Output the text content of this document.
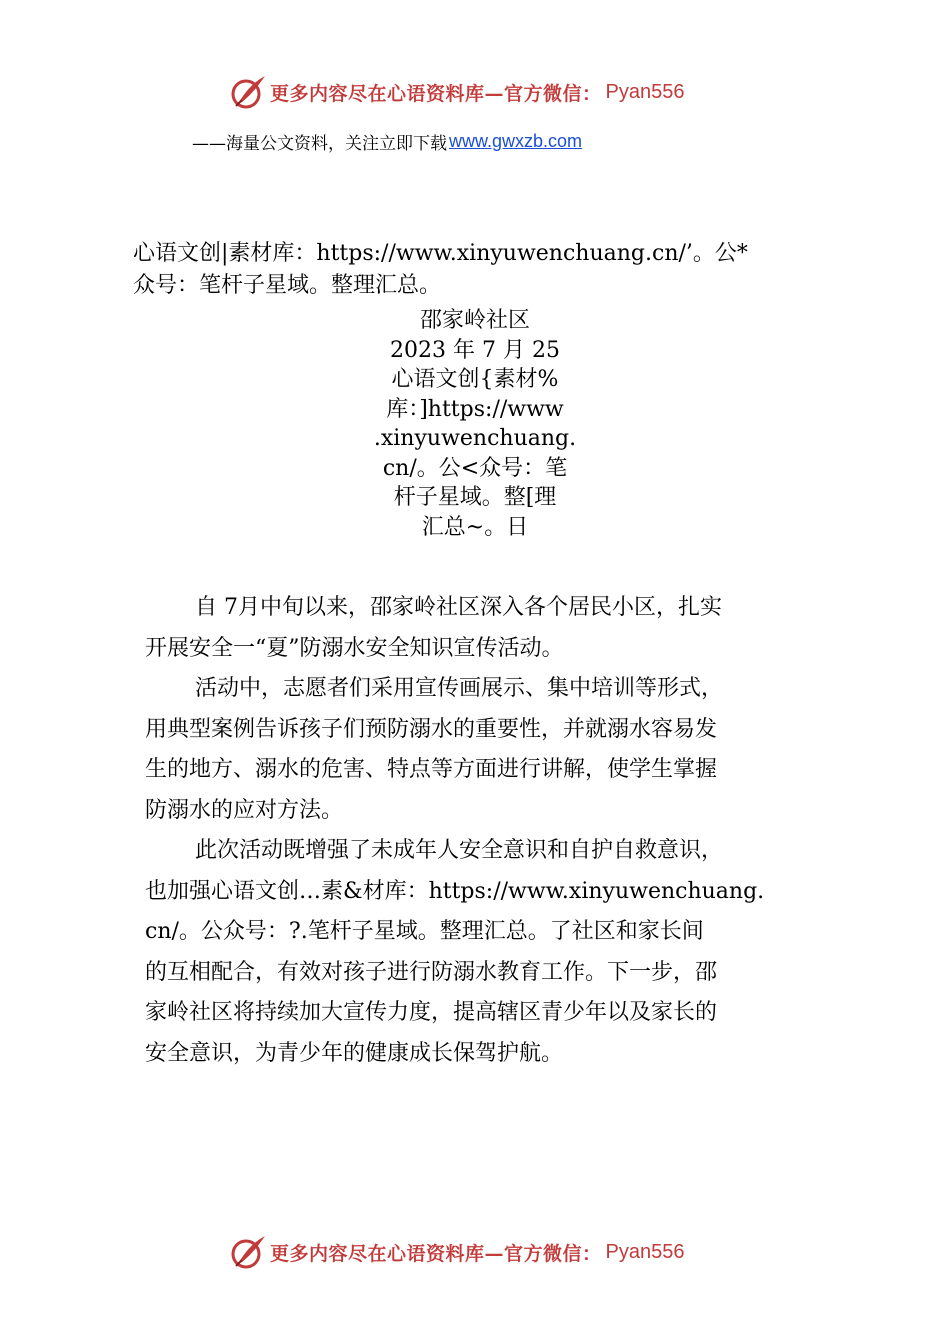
更多内容尽在心语资料库—官方微信： Pyan556
——海量公文资料，关注立即下载 www.gwxzb.com
心语文创|素材库：https://www.xinyuwenchuang.cn/’。公*
众号：笔杆子星域。整理汇总。
邵家岭社区
2023 年 7 月 25
心语文创{素材%
库：]https://www
.xinyuwenchuang.
cn/。公<众号：笔
杆子星域。整[理
汇总~。日

自 7月中旬以来，邵家岭社区深入各个居民小区，扎实

开展安全一“夏”防溺水安全知识宣传活动。

活动中，志愿者们采用宣传画展示、集中培训等形式，

用典型案例告诉孩子们预防溺水的重要性，并就溺水容易发

生的地方、溺水的危害、特点等方面进行讲解，使学生掌握

防溺水的应对方法。

此次活动既增强了未成年人安全意识和自护自救意识，

也加强心语文创…素&材库：https://www.xinyuwenchuang.

cn/。公众号：?.笔杆子星域。整理汇总。了社区和家长间

的互相配合，有效对孩子进行防溺水教育工作。下一步，邵

家岭社区将持续加大宣传力度，提高辖区青少年以及家长的

安全意识，为青少年的健康成长保驾护航。

更多内容尽在心语资料库—官方微信： Pyan556
